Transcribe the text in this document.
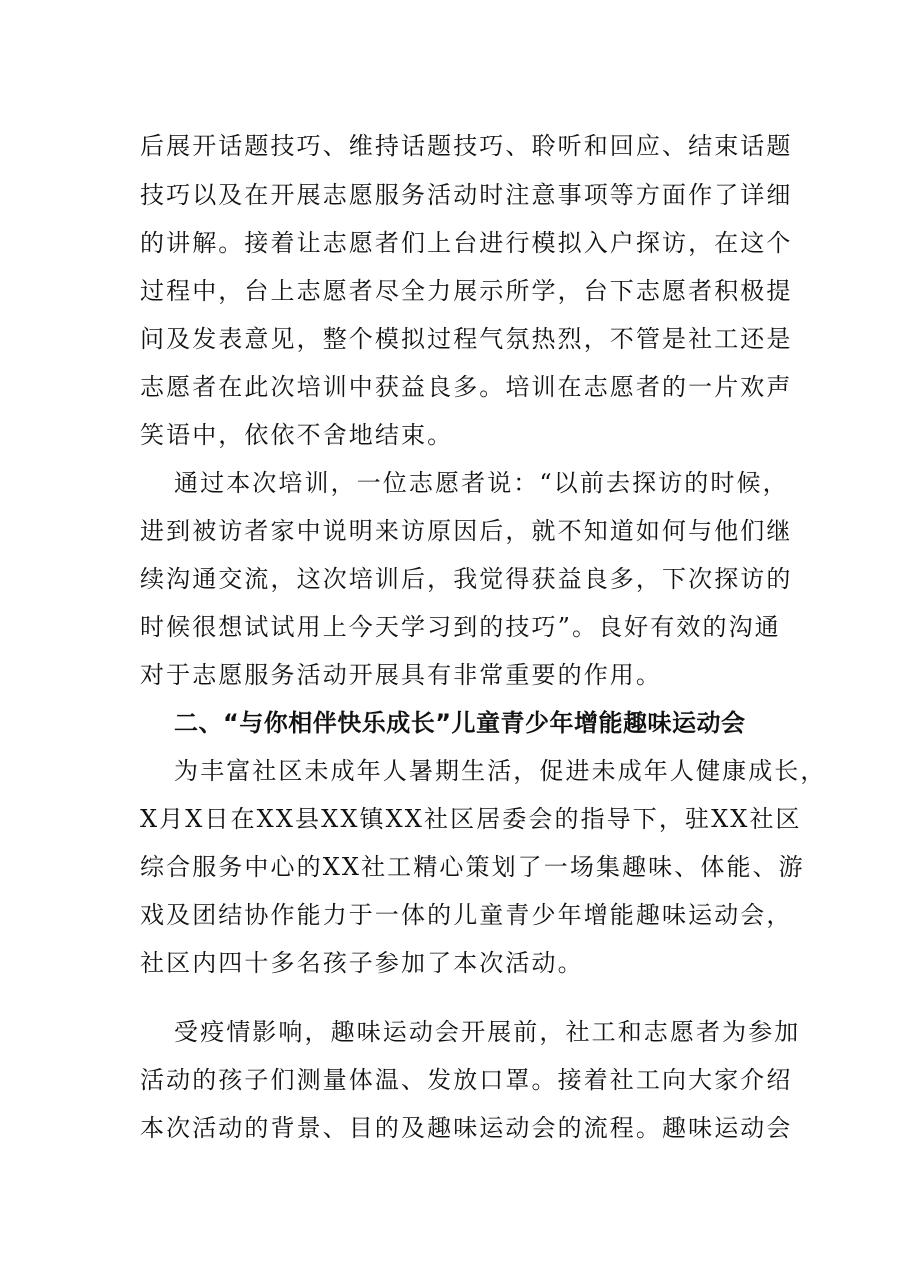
后展开话题技巧、维持话题技巧、聆听和回应、结束话题
技巧以及在开展志愿服务活动时注意事项等方面作了详细
的讲解。接着让志愿者们上台进行模拟入户探访，在这个
过程中，台上志愿者尽全力展示所学，台下志愿者积极提
问及发表意见，整个模拟过程气氛热烈，不管是社工还是
志愿者在此次培训中获益良多。培训在志愿者的一片欢声
笑语中，依依不舍地结束。
通过本次培训，一位志愿者说：“以前去探访的时候，
进到被访者家中说明来访原因后，就不知道如何与他们继
续沟通交流，这次培训后，我觉得获益良多，下次探访的
时候很想试试用上今天学习到的技巧”。良好有效的沟通
对于志愿服务活动开展具有非常重要的作用。
二、“与你相伴快乐成长”儿童青少年增能趣味运动会
为丰富社区未成年人暑期生活，促进未成年人健康成长，
X月X日在XX县XX镇XX社区居委会的指导下，驻XX社区
综合服务中心的XX社工精心策划了一场集趣味、体能、游
戏及团结协作能力于一体的儿童青少年增能趣味运动会，
社区内四十多名孩子参加了本次活动。
受疫情影响，趣味运动会开展前，社工和志愿者为参加
活动的孩子们测量体温、发放口罩。接着社工向大家介绍
本次活动的背景、目的及趣味运动会的流程。趣味运动会
